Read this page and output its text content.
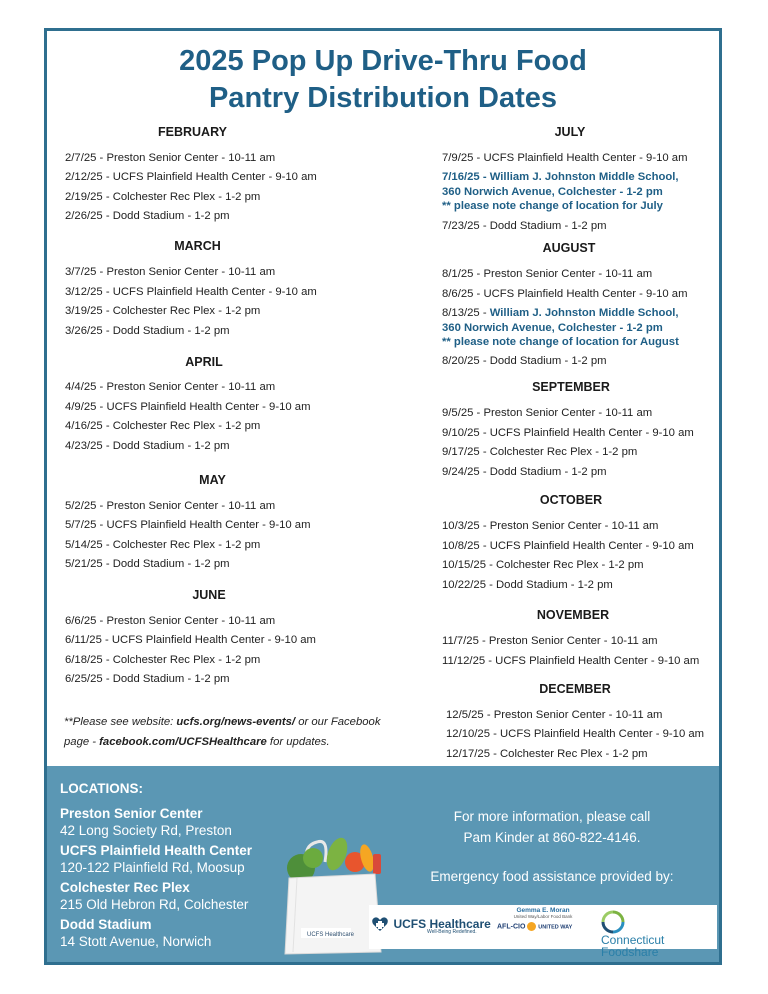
2025 Pop Up Drive-Thru Food
Pantry Distribution Dates
FEBRUARY
2/7/25 - Preston Senior Center - 10-11 am
2/12/25 - UCFS Plainfield Health Center - 9-10 am
2/19/25 - Colchester Rec Plex - 1-2 pm
2/26/25 - Dodd Stadium - 1-2 pm
MARCH
3/7/25 - Preston Senior Center - 10-11 am
3/12/25 - UCFS Plainfield Health Center - 9-10 am
3/19/25 - Colchester Rec Plex - 1-2 pm
3/26/25 - Dodd Stadium - 1-2 pm
APRIL
4/4/25 - Preston Senior Center - 10-11 am
4/9/25 - UCFS Plainfield Health Center - 9-10 am
4/16/25 - Colchester Rec Plex - 1-2 pm
4/23/25 - Dodd Stadium - 1-2 pm
MAY
5/2/25 - Preston Senior Center - 10-11 am
5/7/25 - UCFS Plainfield Health Center - 9-10 am
5/14/25 - Colchester Rec Plex - 1-2 pm
5/21/25 - Dodd Stadium - 1-2 pm
JUNE
6/6/25 - Preston Senior Center - 10-11 am
6/11/25 - UCFS Plainfield Health Center - 9-10 am
6/18/25 - Colchester Rec Plex - 1-2 pm
6/25/25 - Dodd Stadium - 1-2 pm
**Please see website: ucfs.org/news-events/ or our Facebook page - facebook.com/UCFSHealthcare for updates.
JULY
7/9/25 - UCFS Plainfield Health Center - 9-10 am
7/16/25 - William J. Johnston Middle School,
360 Norwich Avenue, Colchester - 1-2 pm
** please note change of location for July
7/23/25 - Dodd Stadium - 1-2 pm
AUGUST
8/1/25 - Preston Senior Center - 10-11 am
8/6/25 - UCFS Plainfield Health Center - 9-10 am
8/13/25 - William J. Johnston Middle School,
360 Norwich Avenue, Colchester - 1-2 pm
** please note change of location for August
8/20/25 - Dodd Stadium - 1-2 pm
SEPTEMBER
9/5/25 - Preston Senior Center - 10-11 am
9/10/25 - UCFS Plainfield Health Center - 9-10 am
9/17/25 - Colchester Rec Plex - 1-2 pm
9/24/25 - Dodd Stadium - 1-2 pm
OCTOBER
10/3/25 - Preston Senior Center - 10-11 am
10/8/25 - UCFS Plainfield Health Center - 9-10 am
10/15/25 - Colchester Rec Plex - 1-2 pm
10/22/25 - Dodd Stadium - 1-2 pm
NOVEMBER
11/7/25 - Preston Senior Center - 10-11 am
11/12/25 - UCFS Plainfield Health Center - 9-10 am
DECEMBER
12/5/25 - Preston Senior Center - 10-11 am
12/10/25 - UCFS Plainfield Health Center - 9-10 am
12/17/25 - Colchester Rec Plex - 1-2 pm
LOCATIONS:
Preston Senior Center
42 Long Society Rd, Preston
UCFS Plainfield Health Center
120-122 Plainfield Rd, Moosup
Colchester Rec Plex
215 Old Hebron Rd, Colchester
Dodd Stadium
14 Stott Avenue, Norwich	UCFS Healthcare
For more information, please call
Pam Kinder at 860-822-4146.
Emergency food assistance provided by:
UCFS Healthcare
Well-Being Redefined.
Gemma E. Moran
United Way/Labor Food Bank
AFL-CIO UNITED WAY
Connecticut
Foodshare
